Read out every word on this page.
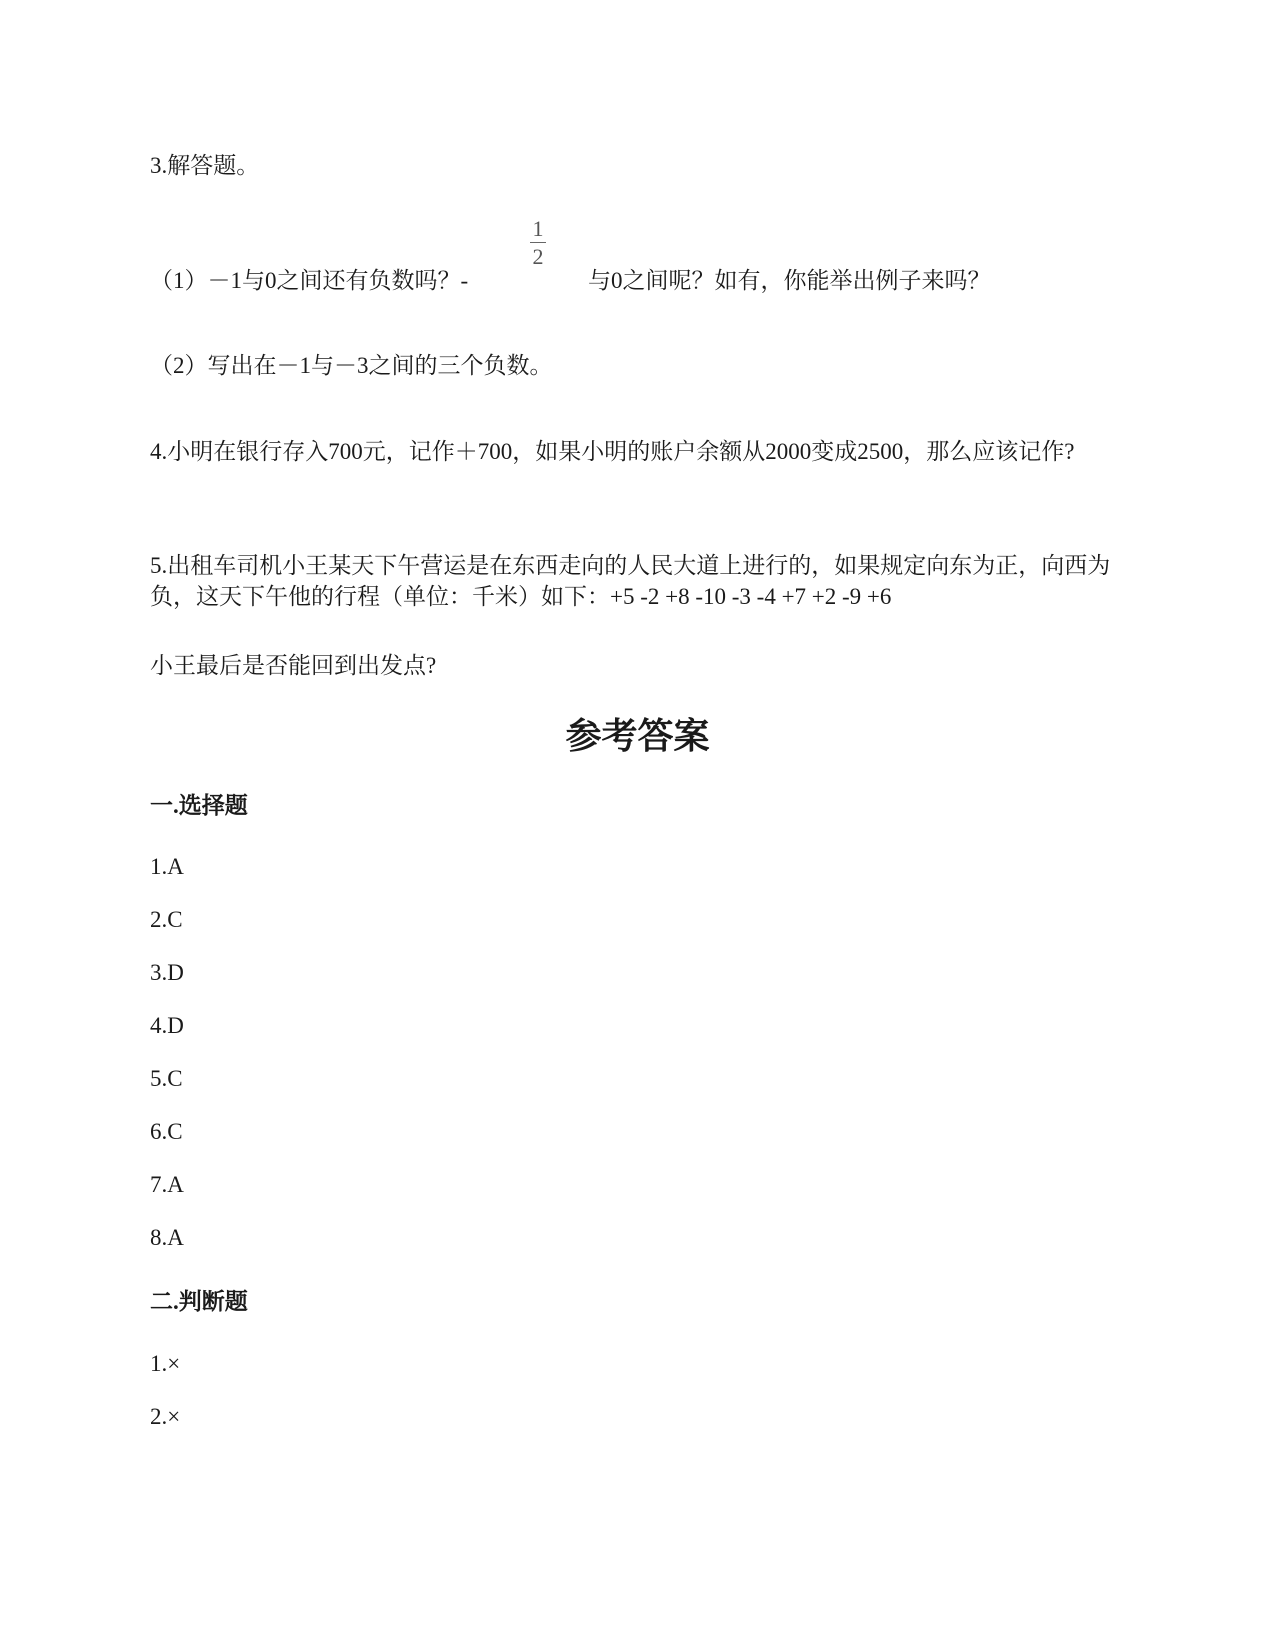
3.解答题。
（1）－1与0之间还有负数吗？-
1
2
与0之间呢？如有，你能举出例子来吗？
（2）写出在－1与－3之间的三个负数。
4.小明在银行存入700元，记作＋700，如果小明的账户余额从2000变成2500，那么应该记作?
5.出租车司机小王某天下午营运是在东西走向的人民大道上进行的，如果规定向东为正，向西为负，这天下午他的行程（单位：千米）如下：+5 -2 +8 -10 -3 -4 +7 +2 -9 +6
小王最后是否能回到出发点?
参考答案
一.选择题
1.A
2.C
3.D
4.D
5.C
6.C
7.A
8.A
二.判断题
1.×
2.×
